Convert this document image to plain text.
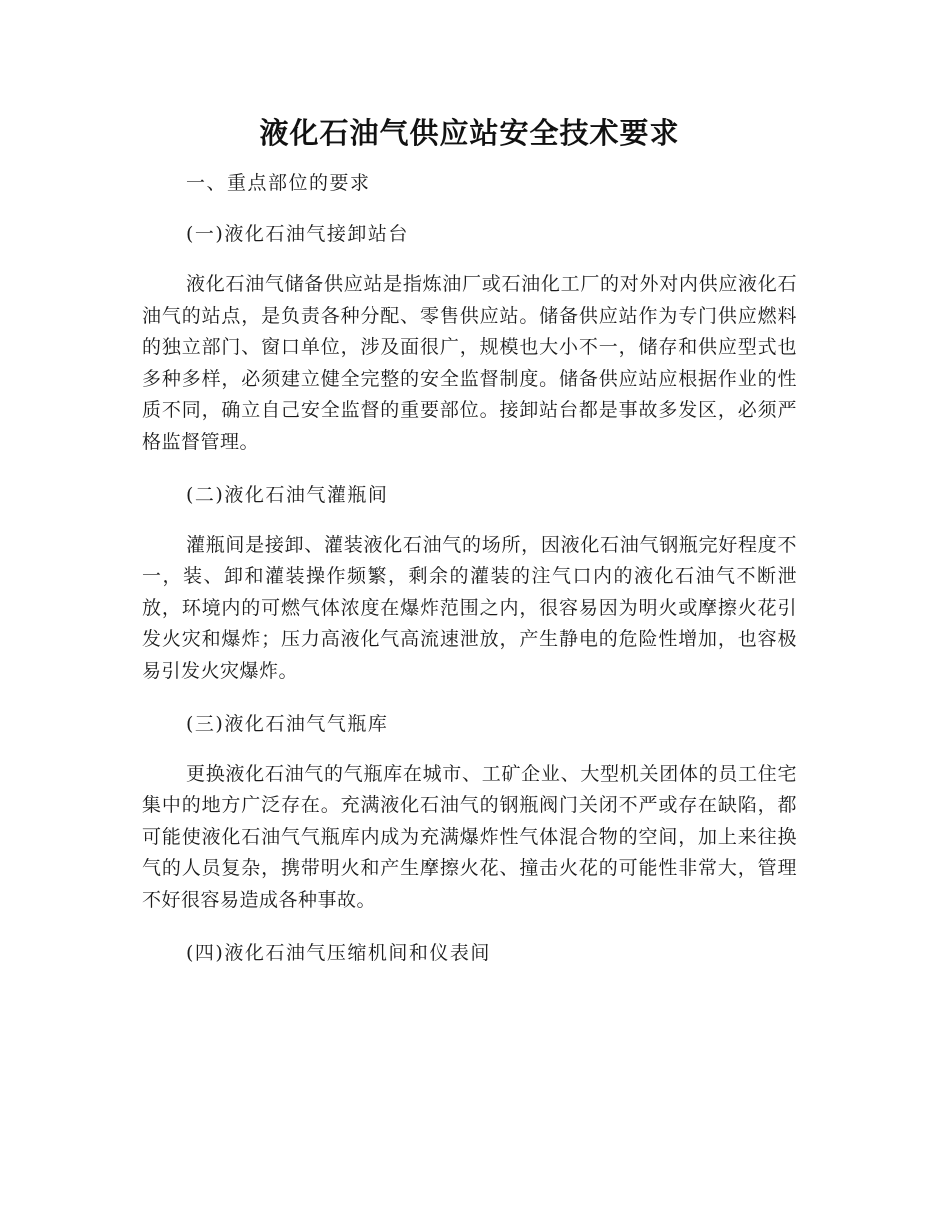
液化石油气供应站安全技术要求

一、重点部位的要求

(一)液化石油气接卸站台

液化石油气储备供应站是指炼油厂或石油化工厂的对外对内供应液化石油气的站点，是负责各种分配、零售供应站。储备供应站作为专门供应燃料的独立部门、窗口单位，涉及面很广，规模也大小不一，储存和供应型式也多种多样，必须建立健全完整的安全监督制度。储备供应站应根据作业的性质不同，确立自己安全监督的重要部位。接卸站台都是事故多发区，必须严格监督管理。

(二)液化石油气灌瓶间

灌瓶间是接卸、灌装液化石油气的场所，因液化石油气钢瓶完好程度不一，装、卸和灌装操作频繁，剩余的灌装的注气口内的液化石油气不断泄放，环境内的可燃气体浓度在爆炸范围之内，很容易因为明火或摩擦火花引发火灾和爆炸；压力高液化气高流速泄放，产生静电的危险性增加，也容极易引发火灾爆炸。

(三)液化石油气气瓶库

更换液化石油气的气瓶库在城市、工矿企业、大型机关团体的员工住宅集中的地方广泛存在。充满液化石油气的钢瓶阀门关闭不严或存在缺陷，都可能使液化石油气气瓶库内成为充满爆炸性气体混合物的空间，加上来往换气的人员复杂，携带明火和产生摩擦火花、撞击火花的可能性非常大，管理不好很容易造成各种事故。

(四)液化石油气压缩机间和仪表间
